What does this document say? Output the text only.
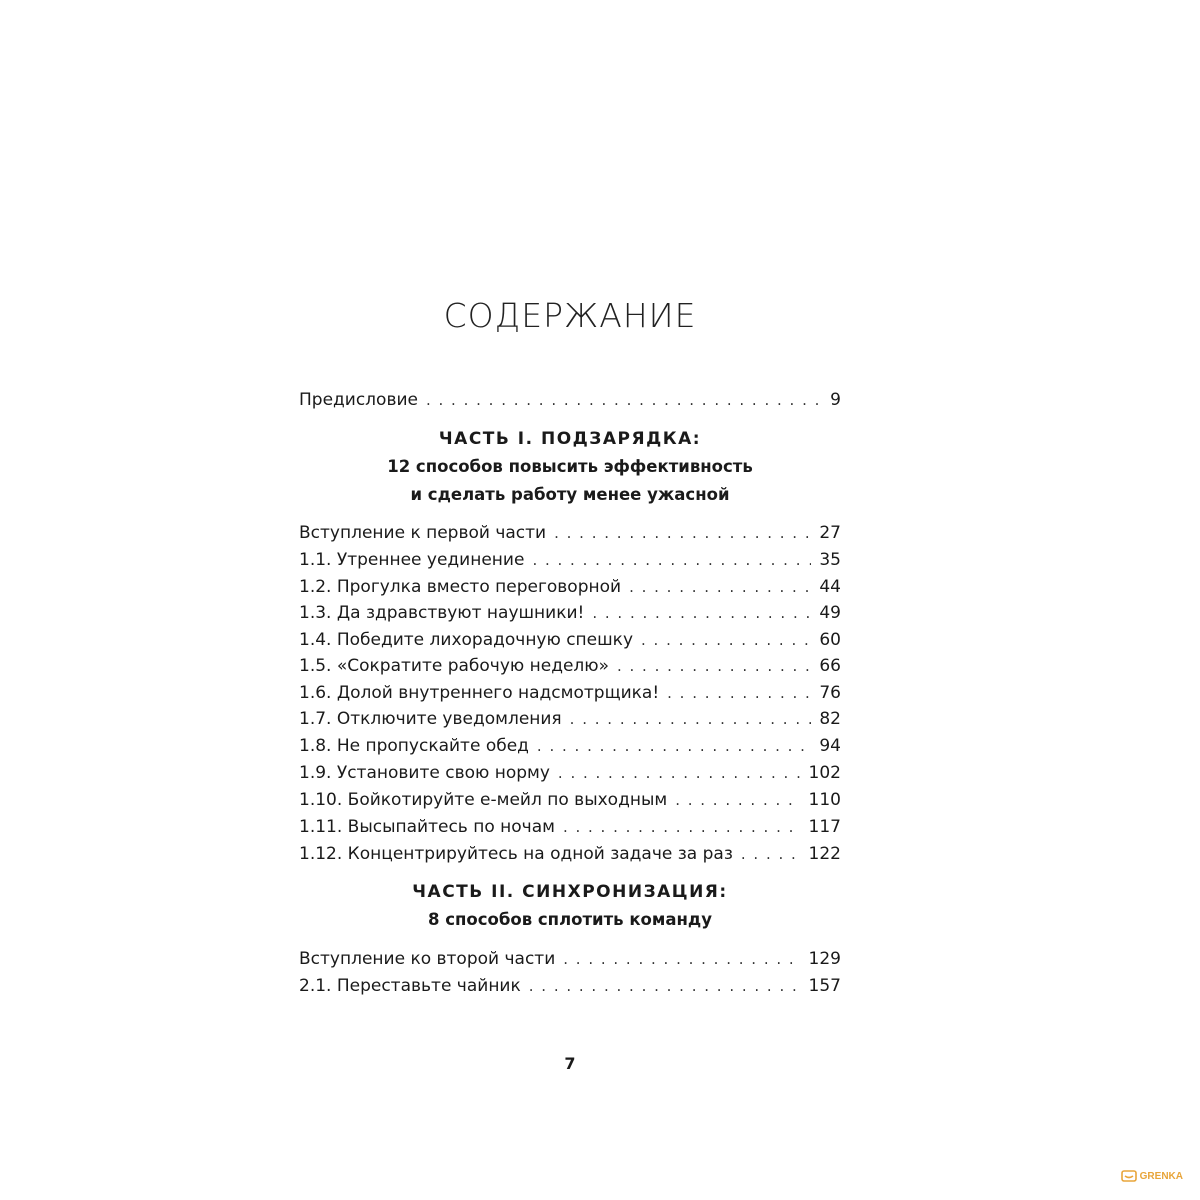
СОДЕРЖАНИЕ
Предисловие . . .	9
ЧАСТЬ I. ПОДЗАРЯДКА:
12 способов повысить эффективность
и сделать работу менее ужасной
Вступление к первой части . . .	27
1.1. Утреннее уединение . . .	35
1.2. Прогулка вместо переговорной . . .	44
1.3. Да здравствуют наушники! . . .	49
1.4. Победите лихорадочную спешку . . .	60
1.5. «Сократите рабочую неделю» . . .	66
1.6. Долой внутреннего надсмотрщика! . . .	76
1.7. Отключите уведомления . . .	82
1.8. Не пропускайте обед . . .	94
1.9. Установите свою норму . . .	102
1.10. Бойкотируйте е-мейл по выходным . . .	110
1.11. Высыпайтесь по ночам . . .	117
1.12. Концентрируйтесь на одной задаче за раз . . .	122
ЧАСТЬ II. СИНХРОНИЗАЦИЯ:
8 способов сплотить команду
Вступление ко второй части . . .	129
2.1. Переставьте чайник . . .	157
7
GRENKA
